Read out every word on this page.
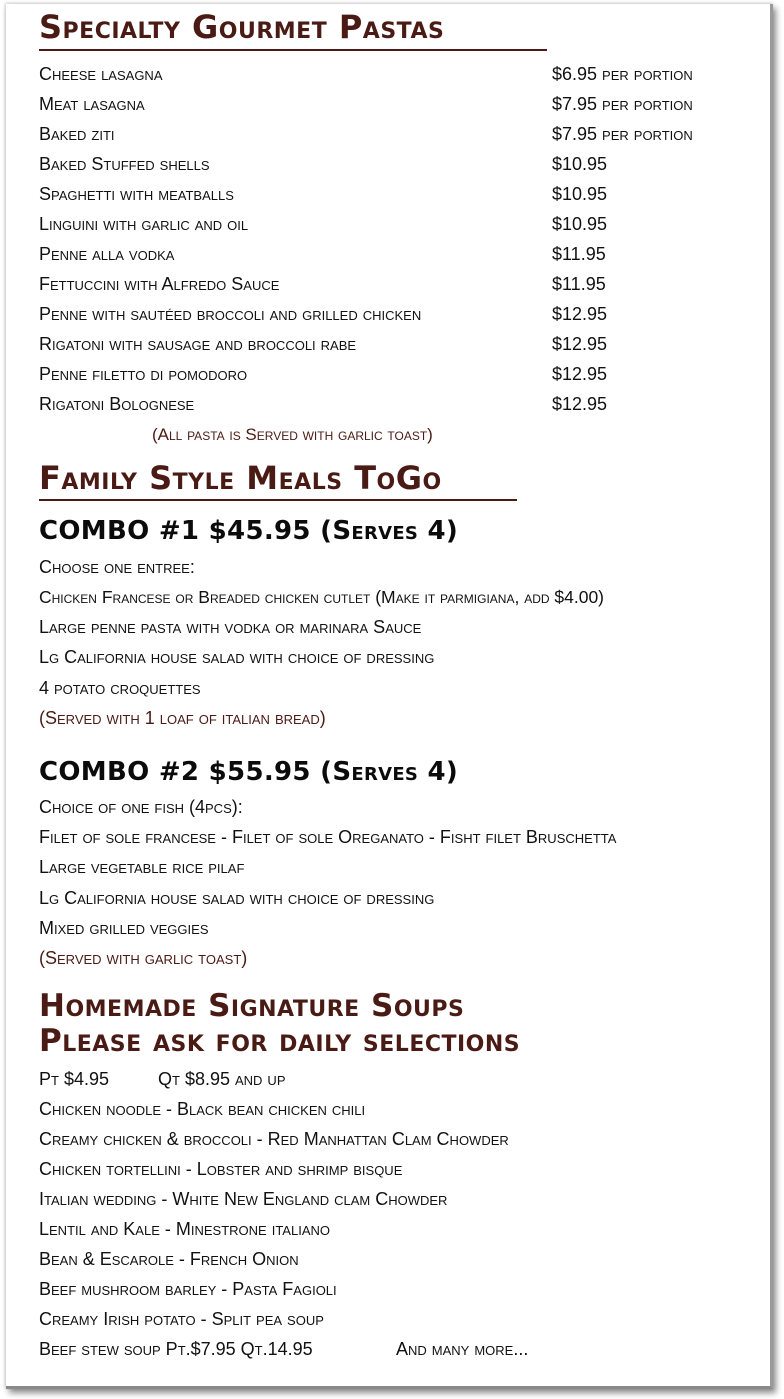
Specialty Gourmet Pastas
Cheese lasagna	$6.95 per portion
Meat lasagna	$7.95 per portion
Baked ziti	$7.95 per portion
Baked Stuffed shells	$10.95
Spaghetti with meatballs	$10.95
Linguini with garlic and oil	$10.95
Penne alla vodka	$11.95
Fettuccini with Alfredo Sauce	$11.95
Penne with sautéed broccoli and grilled chicken	$12.95
Rigatoni with sausage and broccoli rabe	$12.95
Penne filetto di pomodoro	$12.95
Rigatoni Bolognese	$12.95
(All pasta is Served with garlic toast)
Family Style Meals ToGo
COMBO #1 $45.95 (Serves 4)
Choose one entree:
Chicken Francese or Breaded chicken cutlet (Make it parmigiana, add $4.00)
Large penne pasta with vodka or marinara Sauce
Lg California house salad with choice of dressing
4 potato croquettes
(Served with 1 loaf of italian bread)
COMBO #2 $55.95 (Serves 4)
Choice of one fish (4pcs):
Filet of sole francese - Filet of sole Oreganato - Fisht filet Bruschetta
Large vegetable rice pilaf
Lg California house salad with choice of dressing
Mixed grilled veggies
(Served with garlic toast)
Homemade Signature Soups
Please ask for daily selections
Pt $4.95	Qt $8.95 and up
Chicken noodle - Black bean chicken chili
Creamy chicken & broccoli - Red Manhattan Clam Chowder
Chicken tortellini - Lobster and shrimp bisque
Italian wedding - White New England clam Chowder
Lentil and Kale - Minestrone italiano
Bean & Escarole - French Onion
Beef mushroom barley - Pasta Fagioli
Creamy Irish potato - Split pea soup
Beef stew soup Pt.$7.95 Qt.14.95	And many more...
